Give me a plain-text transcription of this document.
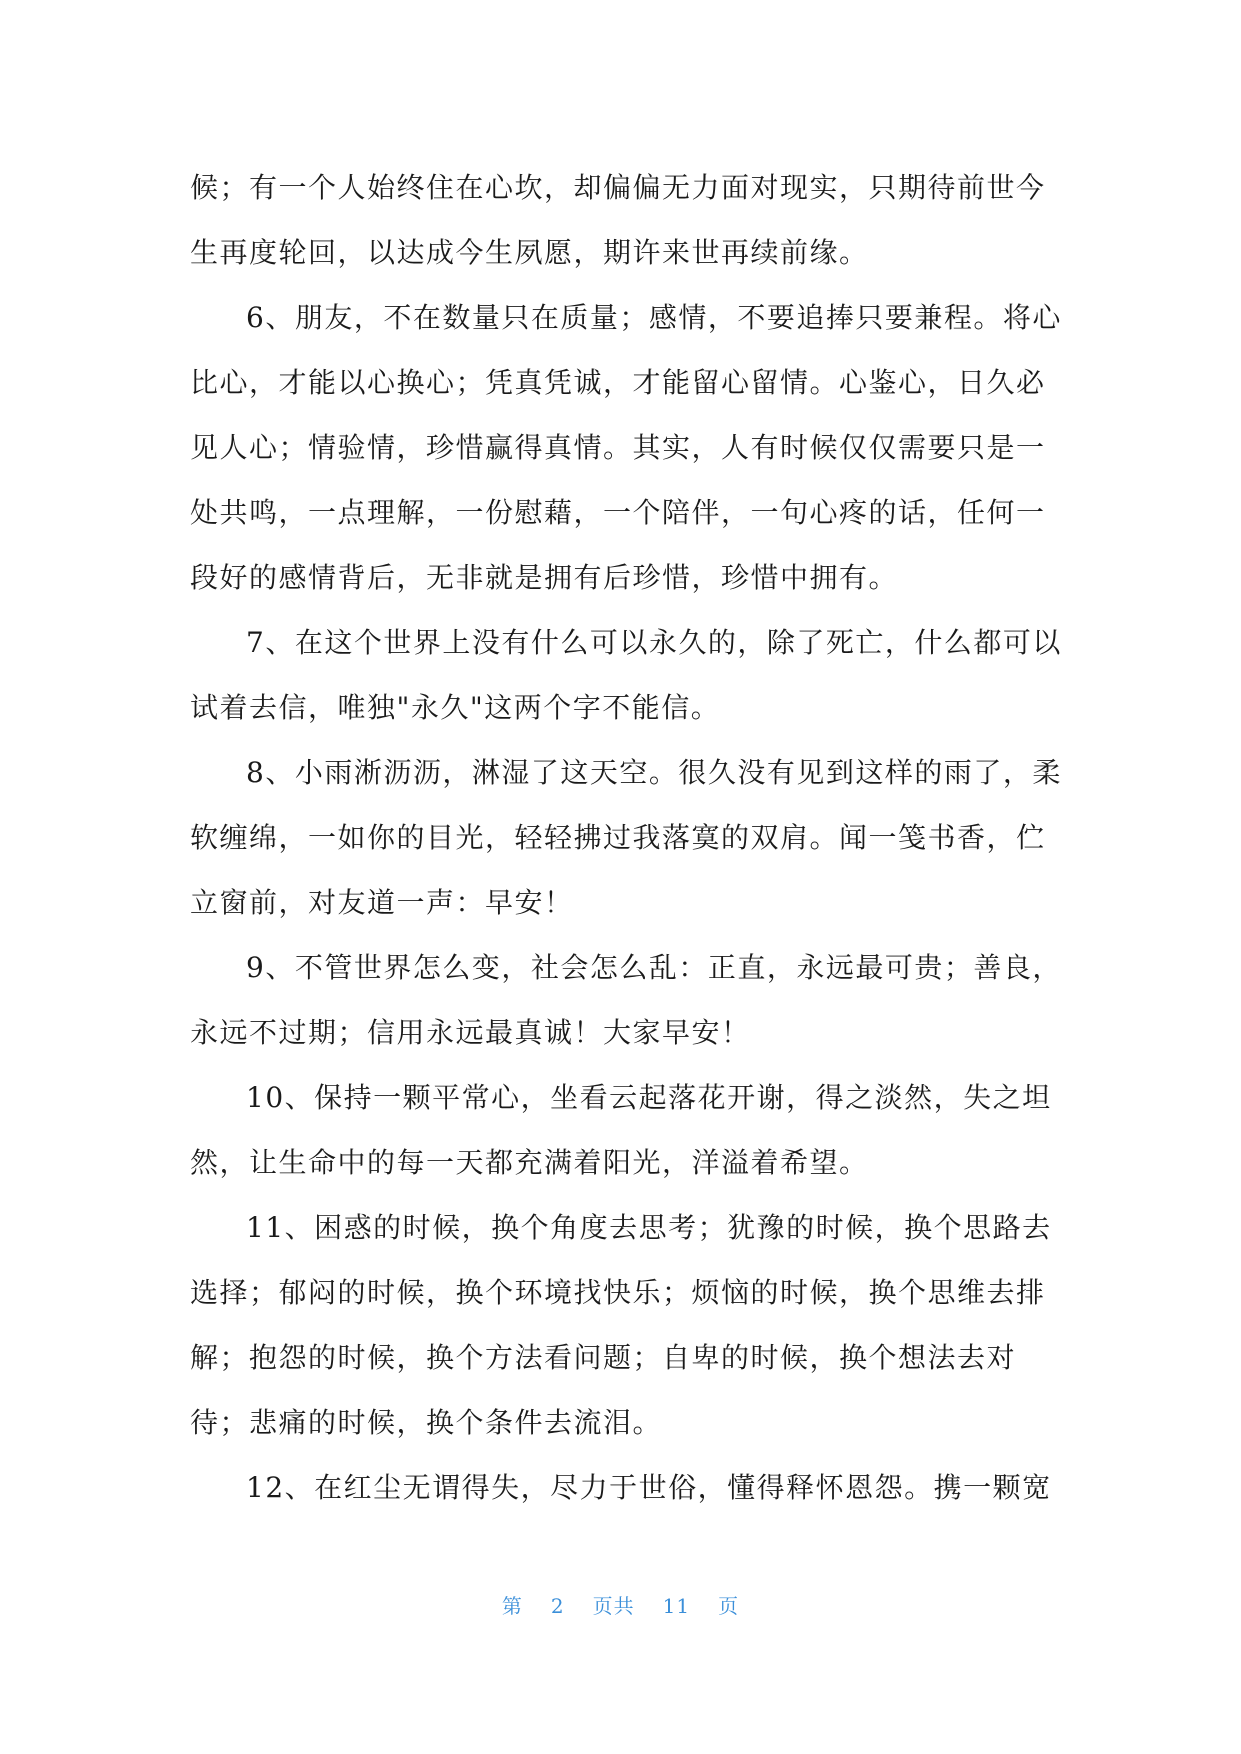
候；有一个人始终住在心坎，却偏偏无力面对现实，只期待前世今
生再度轮回，以达成今生夙愿，期许来世再续前缘。
6、朋友，不在数量只在质量；感情，不要追捧只要兼程。将心
比心，才能以心换心；凭真凭诚，才能留心留情。心鉴心，日久必
见人心；情验情，珍惜赢得真情。其实，人有时候仅仅需要只是一
处共鸣，一点理解，一份慰藉，一个陪伴，一句心疼的话，任何一
段好的感情背后，无非就是拥有后珍惜，珍惜中拥有。
7、在这个世界上没有什么可以永久的，除了死亡，什么都可以
试着去信，唯独"永久"这两个字不能信。
8、小雨淅沥沥，淋湿了这天空。很久没有见到这样的雨了，柔
软缠绵，一如你的目光，轻轻拂过我落寞的双肩。闻一笺书香，伫
立窗前，对友道一声：早安！
9、不管世界怎么变，社会怎么乱：正直，永远最可贵；善良，
永远不过期；信用永远最真诚！大家早安！
10、保持一颗平常心，坐看云起落花开谢，得之淡然，失之坦
然，让生命中的每一天都充满着阳光，洋溢着希望。
11、困惑的时候，换个角度去思考；犹豫的时候，换个思路去
选择；郁闷的时候，换个环境找快乐；烦恼的时候，换个思维去排
解；抱怨的时候，换个方法看问题；自卑的时候，换个想法去对
待；悲痛的时候，换个条件去流泪。
12、在红尘无谓得失，尽力于世俗，懂得释怀恩怨。携一颗宽
第 2 页共 11 页
